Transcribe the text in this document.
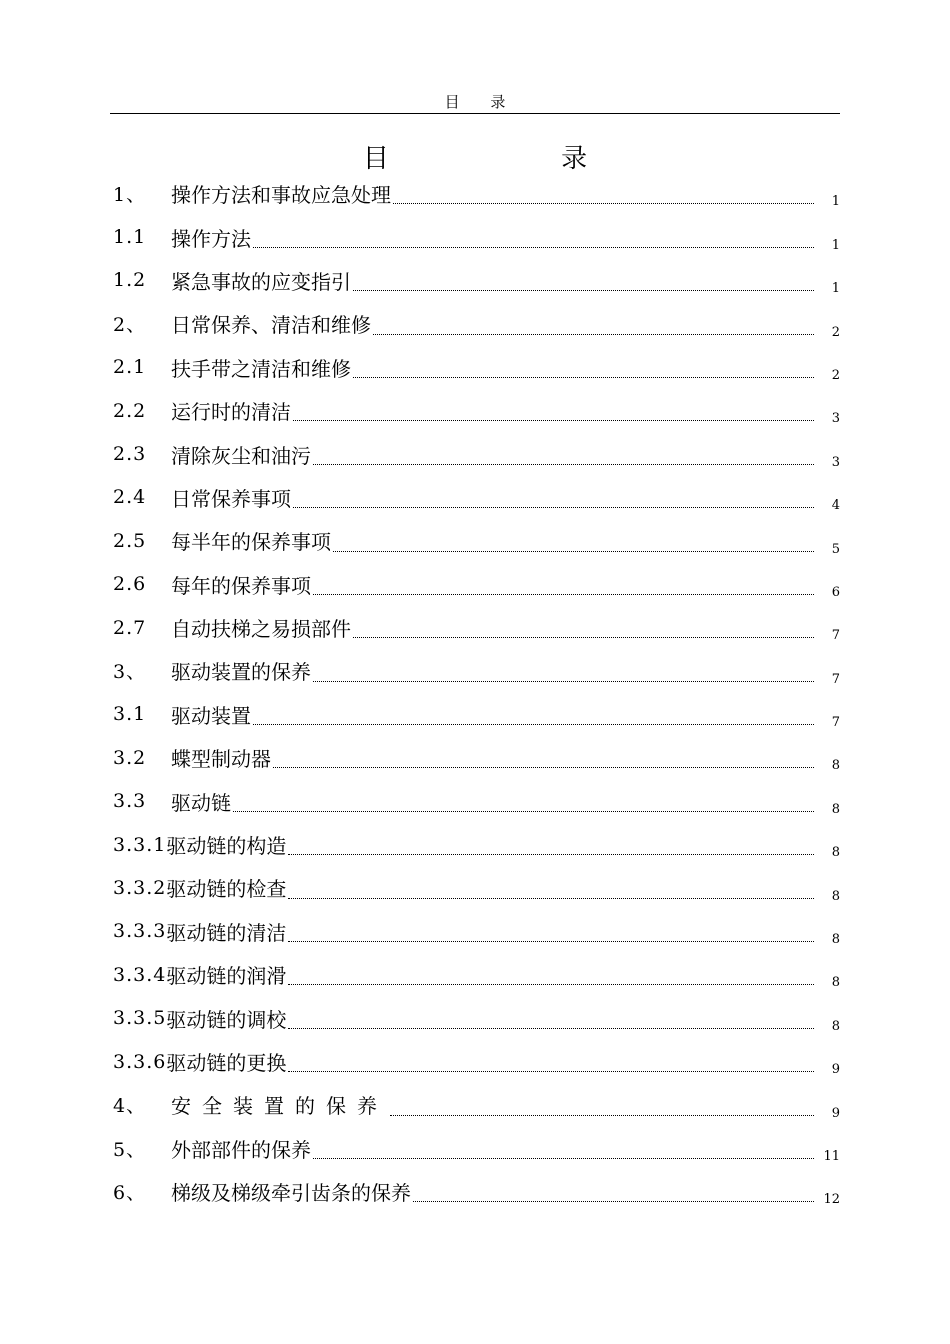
目 录
目 录
1、	操作方法和事故应急处理	1
1.1	操作方法	1
1.2	紧急事故的应变指引	1
2、	日常保养、清洁和维修	2
2.1	扶手带之清洁和维修	2
2.2	运行时的清洁	3
2.3	清除灰尘和油污	3
2.4	日常保养事项	4
2.5	每半年的保养事项	5
2.6	每年的保养事项	6
2.7	自动扶梯之易损部件	7
3、	驱动装置的保养	7
3.1	驱动装置	7
3.2	蝶型制动器	8
3.3	驱动链	8
3.3.1 驱动链的构造	8
3.3.2 驱动链的检查	8
3.3.3 驱动链的清洁	8
3.3.4 驱动链的润滑	8
3.3.5 驱动链的调校	8
3.3.6 驱动链的更换	9
4、	安全装置的保养	9
5、	外部部件的保养	11
6、	梯级及梯级牵引齿条的保养	12
